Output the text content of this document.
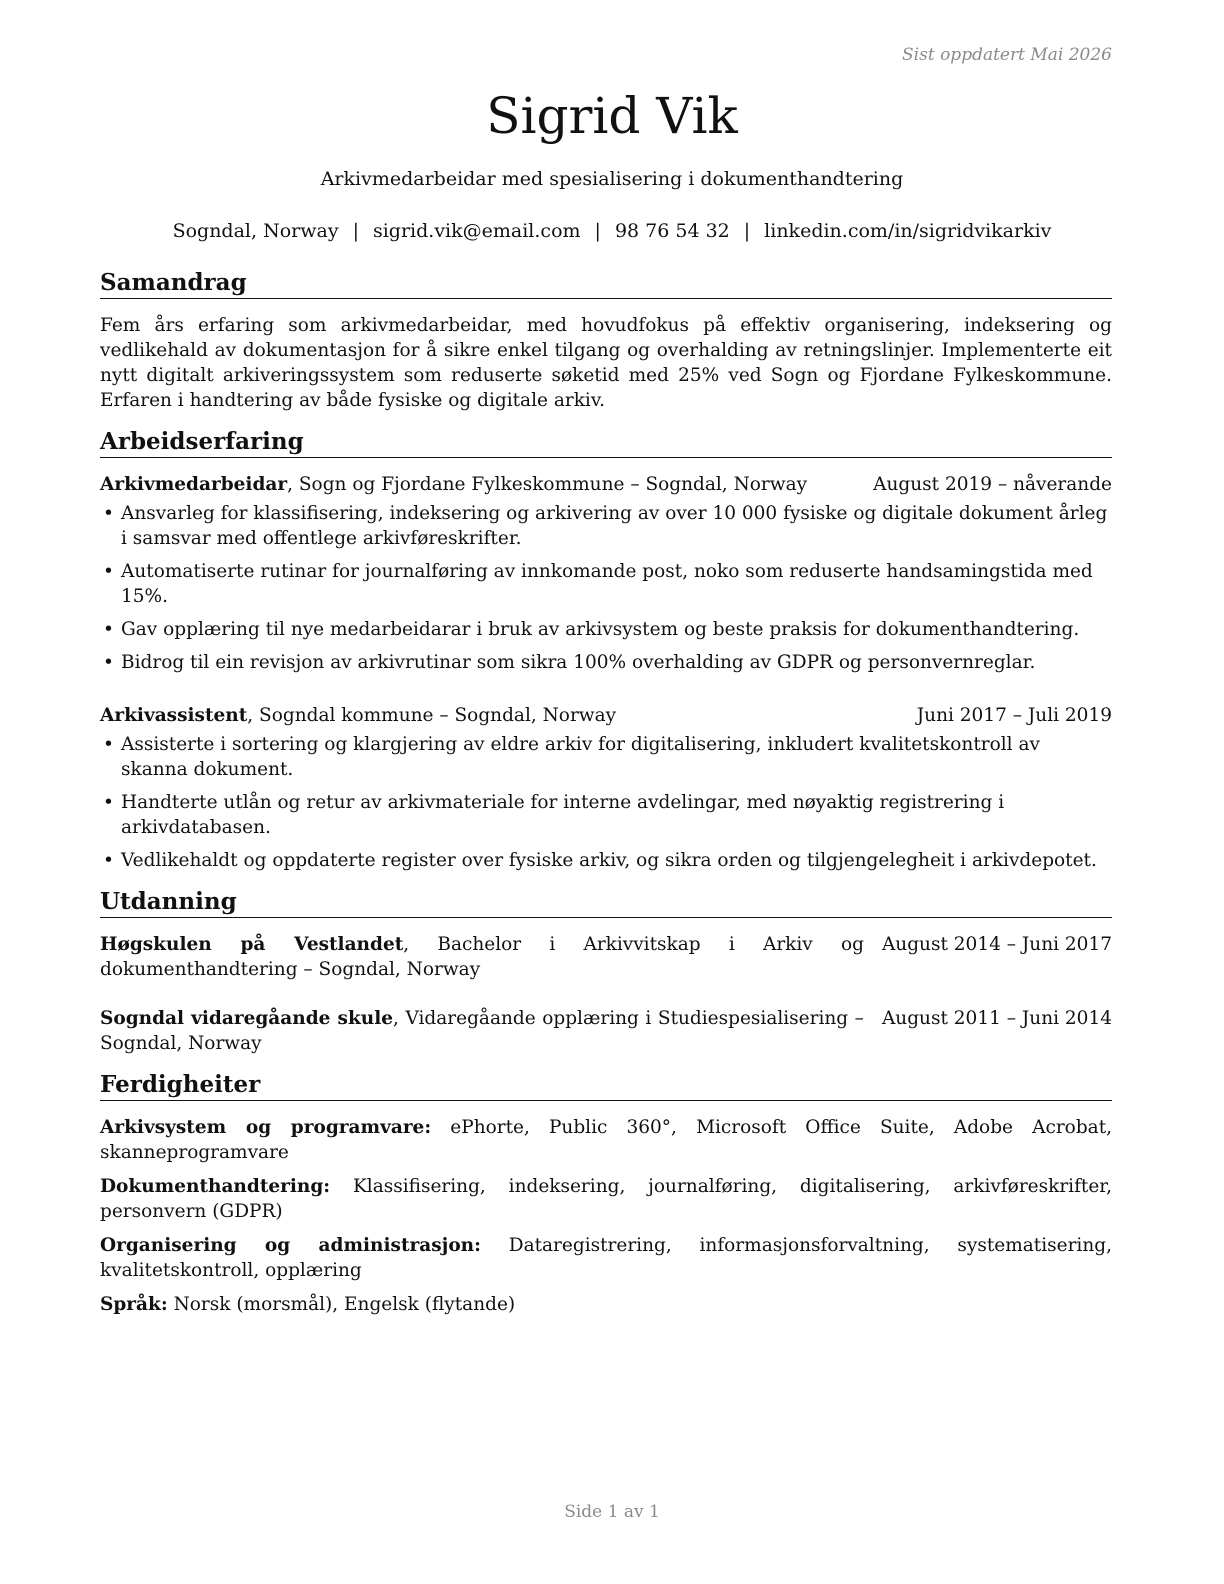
Sist oppdatert Mai 2026
Sigrid Vik
Arkivmedarbeidar med spesialisering i dokumenthandtering
Sogndal, Norway | sigrid.vik@email.com | 98 76 54 32 | linkedin.com/in/sigridvikarkiv
Samandrag

Fem års erfaring som arkivmedarbeidar, med hovudfokus på effektiv organisering, indeksering og vedlikehald av dokumentasjon for å sikre enkel tilgang og overhalding av retningslinjer. Implementerte eit nytt digitalt arkiveringssystem som reduserte søketid med 25% ved Sogn og Fjordane Fylkeskommune. Erfaren i handtering av både fysiske og digitale arkiv.

Arbeidserfaring
Arkivmedarbeidar, Sogn og Fjordane Fylkeskommune – Sogndal, Norway	August 2019 – nåverande
• Ansvarleg for klassifisering, indeksering og arkivering av over 10 000 fysiske og digitale dokument årleg i samsvar med offentlege arkivføreskrifter.
• Automatiserte rutinar for journalføring av innkomande post, noko som reduserte handsamingstida med 15%.
• Gav opplæring til nye medarbeidarar i bruk av arkivsystem og beste praksis for dokumenthandtering.
• Bidrog til ein revisjon av arkivrutinar som sikra 100% overhalding av GDPR og personvernreglar.
Arkivassistent, Sogndal kommune – Sogndal, Norway	Juni 2017 – Juli 2019
• Assisterte i sortering og klargjering av eldre arkiv for digitalisering, inkludert kvalitetskontroll av skanna dokument.
• Handterte utlån og retur av arkivmateriale for interne avdelingar, med nøyaktig registrering i arkivdatabasen.
• Vedlikehaldt og oppdaterte register over fysiske arkiv, og sikra orden og tilgjengelegheit i arkivdepotet.
Utdanning
Høgskulen på Vestlandet, Bachelor i Arkivvitskap i Arkiv og dokumenthandtering – Sogndal, Norway
August 2014 – Juni 2017
Sogndal vidaregåande skule, Vidaregåande opplæring i Studiespesialisering – Sogndal, Norway
August 2011 – Juni 2014
Ferdigheiter
Arkivsystem og programvare: ePhorte, Public 360°, Microsoft Office Suite, Adobe Acrobat, skanneprogramvare
Dokumenthandtering: Klassifisering, indeksering, journalføring, digitalisering, arkivføreskrifter, personvern (GDPR)
Organisering og administrasjon: Dataregistrering, informasjonsforvaltning, systematisering, kvalitetskontroll, opplæring
Språk: Norsk (morsmål), Engelsk (flytande)
Side 1 av 1
